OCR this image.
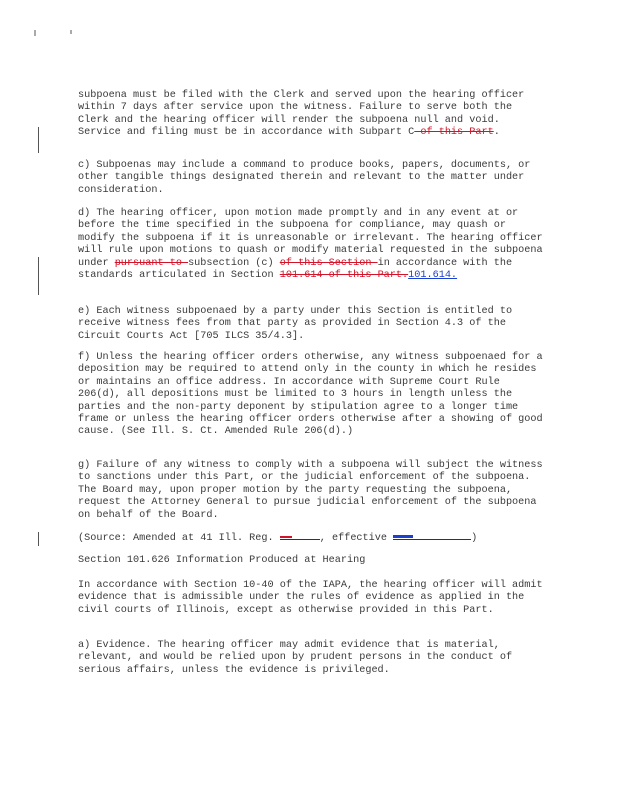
subpoena must be filed with the Clerk and served upon the hearing officer within 7 days after service upon the witness. Failure to serve both the Clerk and the hearing officer will render the subpoena null and void. Service and filing must be in accordance with Subpart C of this Part.

c) Subpoenas may include a command to produce books, papers, documents, or other tangible things designated therein and relevant to the matter under consideration.

d) The hearing officer, upon motion made promptly and in any event at or before the time specified in the subpoena for compliance, may quash or modify the subpoena if it is unreasonable or irrelevant. The hearing officer will rule upon motions to quash or modify material requested in the subpoena under pursuant to subsection (c) of this Section in accordance with the standards articulated in Section 101.614 of this Part.101.614.

e) Each witness subpoenaed by a party under this Section is entitled to receive witness fees from that party as provided in Section 4.3 of the Circuit Courts Act [705 ILCS 35/4.3].

f) Unless the hearing officer orders otherwise, any witness subpoenaed for a deposition may be required to attend only in the county in which he resides or maintains an office address. In accordance with Supreme Court Rule 206(d), all depositions must be limited to 3 hours in length unless the parties and the non-party deponent by stipulation agree to a longer time frame or unless the hearing officer orders otherwise after a showing of good cause. (See Ill. S. Ct. Amended Rule 206(d).)

g) Failure of any witness to comply with a subpoena will subject the witness to sanctions under this Part, or the judicial enforcement of the subpoena. The Board may, upon proper motion by the party requesting the subpoena, request the Attorney General to pursue judicial enforcement of the subpoena on behalf of the Board.

(Source: Amended at 41 Ill. Reg.	, effective	)

Section 101.626 Information Produced at Hearing

In accordance with Section 10-40 of the IAPA, the hearing officer will admit evidence that is admissible under the rules of evidence as applied in the civil courts of Illinois, except as otherwise provided in this Part.

a) Evidence. The hearing officer may admit evidence that is material, relevant, and would be relied upon by prudent persons in the conduct of serious affairs, unless the evidence is privileged.
